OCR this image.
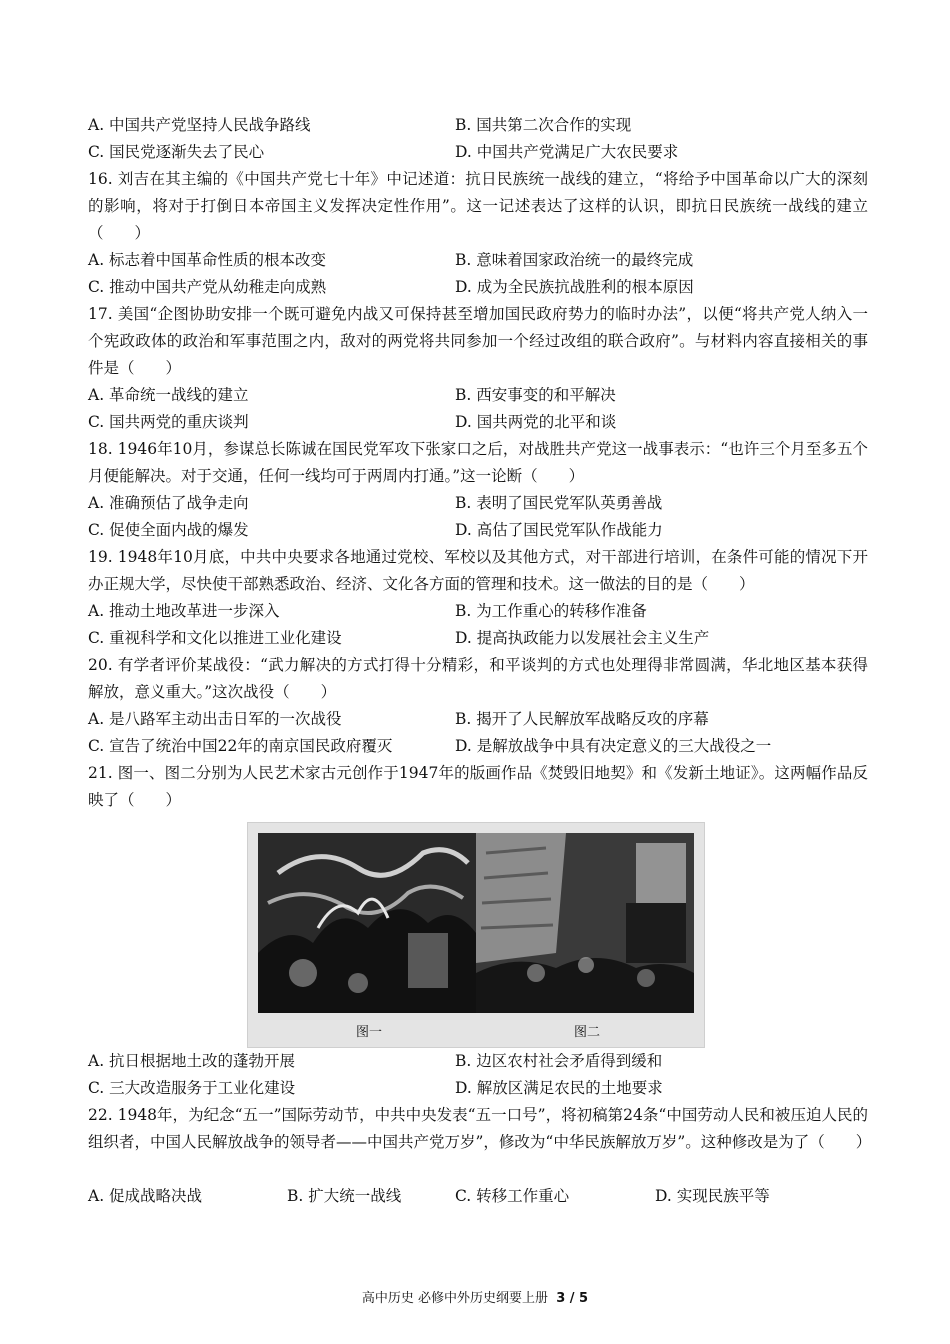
A. 中国共产党坚持人民战争路线	B. 国共第二次合作的实现
C. 国民党逐渐失去了民心	D. 中国共产党满足广大农民要求
16. 刘吉在其主编的《中国共产党七十年》中记述道：抗日民族统一战线的建立，“将给予中国革命以广大的深刻的影响，将对于打倒日本帝国主义发挥决定性作用”。这一记述表达了这样的认识，即抗日民族统一战线的建立（　　）
A. 标志着中国革命性质的根本改变	B. 意味着国家政治统一的最终完成
C. 推动中国共产党从幼稚走向成熟	D. 成为全民族抗战胜利的根本原因
17. 美国“企图协助安排一个既可避免内战又可保持甚至增加国民政府势力的临时办法”，以便“将共产党人纳入一个宪政政体的政治和军事范围之内，敌对的两党将共同参加一个经过改组的联合政府”。与材料内容直接相关的事件是（　　）
A. 革命统一战线的建立	B. 西安事变的和平解决
C. 国共两党的重庆谈判	D. 国共两党的北平和谈
18. 1946年10月，参谋总长陈诚在国民党军攻下张家口之后，对战胜共产党这一战事表示：“也许三个月至多五个月便能解决。对于交通，任何一线均可于两周内打通。”这一论断（　　）
A. 准确预估了战争走向	B. 表明了国民党军队英勇善战
C. 促使全面内战的爆发	D. 高估了国民党军队作战能力
19. 1948年10月底，中共中央要求各地通过党校、军校以及其他方式，对干部进行培训，在条件可能的情况下开办正规大学，尽快使干部熟悉政治、经济、文化各方面的管理和技术。这一做法的目的是（　　）
A. 推动土地改革进一步深入	B. 为工作重心的转移作准备
C. 重视科学和文化以推进工业化建设	D. 提高执政能力以发展社会主义生产
20. 有学者评价某战役：“武力解决的方式打得十分精彩，和平谈判的方式也处理得非常圆满，华北地区基本获得解放，意义重大。”这次战役（　　）
A. 是八路军主动出击日军的一次战役	B. 揭开了人民解放军战略反攻的序幕
C. 宣告了统治中国22年的南京国民政府覆灭	D. 是解放战争中具有决定意义的三大战役之一
21. 图一、图二分别为人民艺术家古元创作于1947年的版画作品《焚毁旧地契》和《发新土地证》。这两幅作品反映了（　　）
图一	图二
A. 抗日根据地土改的蓬勃开展	B. 边区农村社会矛盾得到缓和
C. 三大改造服务于工业化建设	D. 解放区满足农民的土地要求
22. 1948年，为纪念“五一”国际劳动节，中共中央发表“五一口号”，将初稿第24条“中国劳动人民和被压迫人民的组织者，中国人民解放战争的领导者——中国共产党万岁”，修改为“中华民族解放万岁”。这种修改是为了（　　）
A. 促成战略决战	B. 扩大统一战线	C. 转移工作重心	D. 实现民族平等
高中历史 必修中外历史纲要上册 3 / 5
